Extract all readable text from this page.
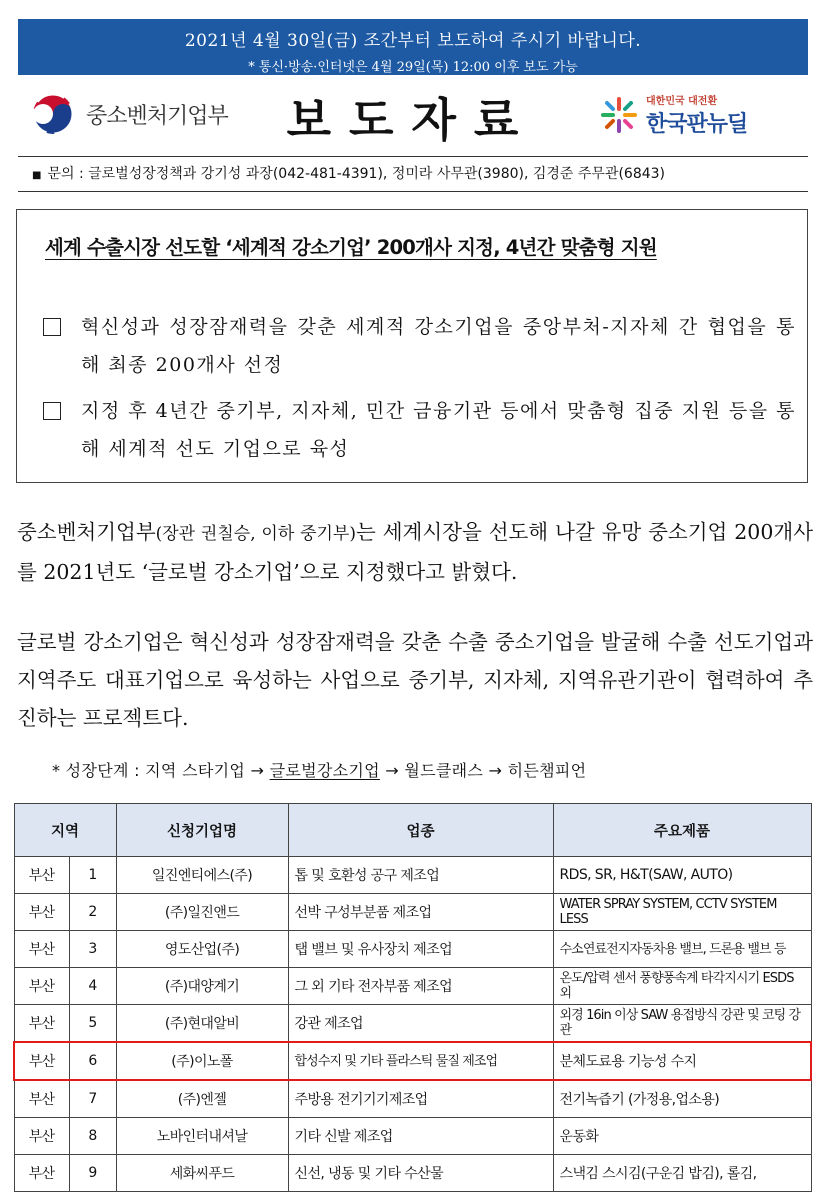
2021년 4월 30일(금) 조간부터 보도하여 주시기 바랍니다.
* 통신·방송·인터넷은 4월 29일(목) 12:00 이후 보도 가능
중소벤처기업부	보도자료	대한민국 대전환
한국판뉴딜
■ 문의 : 글로벌성장정책과 강기성 과장(042-481-4391), 정미라 사무관(3980), 김경준 주무관(6843)
세계 수출시장 선도할 ‘세계적 강소기업’ 200개사 지정, 4년간 맞춤형 지원
혁신성과 성장잠재력을 갖춘 세계적 강소기업을 중앙부처-지자체 간 협업을 통해 최종 200개사 선정
지정 후 4년간 중기부, 지자체, 민간 금융기관 등에서 맞춤형 집중 지원 등을 통해 세계적 선도 기업으로 육성
중소벤처기업부(장관 권칠승, 이하 중기부)는 세계시장을 선도해 나갈 유망 중소기업 200개사를 2021년도 ‘글로벌 강소기업’으로 지정했다고 밝혔다.
글로벌 강소기업은 혁신성과 성장잠재력을 갖춘 수출 중소기업을 발굴해 수출 선도기업과 지역주도 대표기업으로 육성하는 사업으로 중기부, 지자체, 지역유관기관이 협력하여 추진하는 프로젝트다.
* 성장단계 : 지역 스타기업 → 글로벌강소기업 → 월드클래스 → 히든챔피언
지역		신청기업명	업종	주요제품
부산	1	일진엔티에스(주)	톱 및 호환성 공구 제조업	RDS, SR, H&T(SAW, AUTO)
부산	2	(주)일진앤드	선박 구성부분품 제조업	WATER SPRAY SYSTEM, CCTV SYSTEM LESS
부산	3	영도산업(주)	탭 밸브 및 유사장치 제조업	수소연료전지자동차용 밸브, 드론용 밸브 등
부산	4	(주)대양계기	그 외 기타 전자부품 제조업	온도/압력 센서 풍향풍속계 타각지시기 ESDS 외
부산	5	(주)현대알비	강관 제조업	외경 16in 이상 SAW 용접방식 강관 및 코팅 강관
부산	6	(주)이노폴	합성수지 및 기타 플라스틱 물질 제조업	분체도료용 기능성 수지
부산	7	(주)엔젤	주방용 전기기기제조업	전기녹즙기 (가정용,업소용)
부산	8	노바인터내셔날	기타 신발 제조업	운동화
부산	9	세화씨푸드	신선, 냉동 및 기타 수산물	스낵김 스시김(구운김 밥김), 롤김,
